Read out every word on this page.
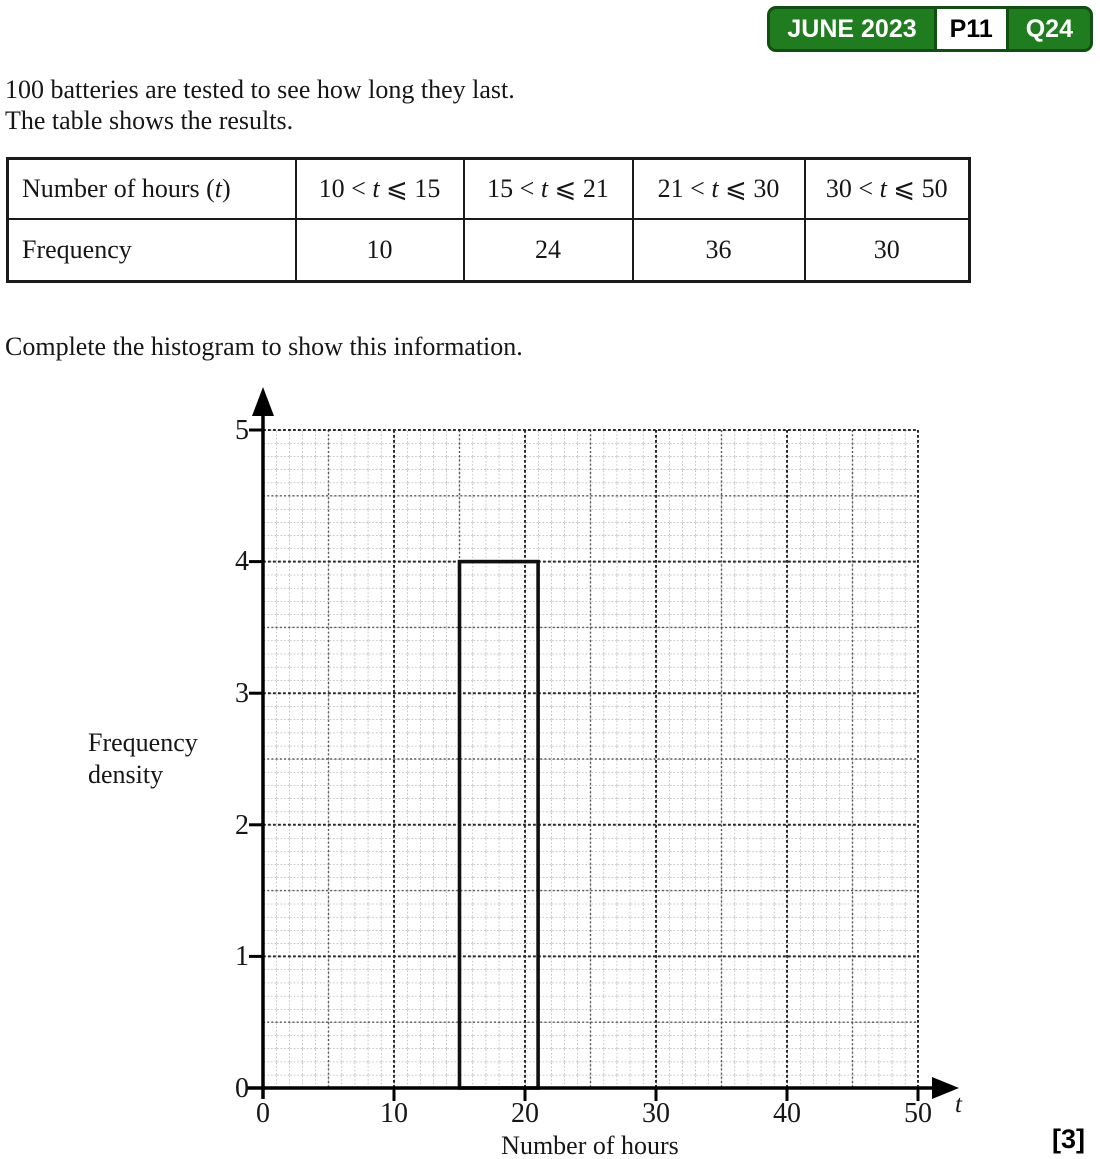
JUNE 2023	P11	Q24
100 batteries are tested to see how long they last.
The table shows the results.
Number of hours (t)	10 < t ⩽ 15	15 < t ⩽ 21	21 < t ⩽ 30	30 < t ⩽ 50
Frequency	10	24	36	30
Complete the histogram to show this information.
Frequency
density
0
1
2
3
4
5
0	10	20	30	40	50 t
Number of hours	[3]
